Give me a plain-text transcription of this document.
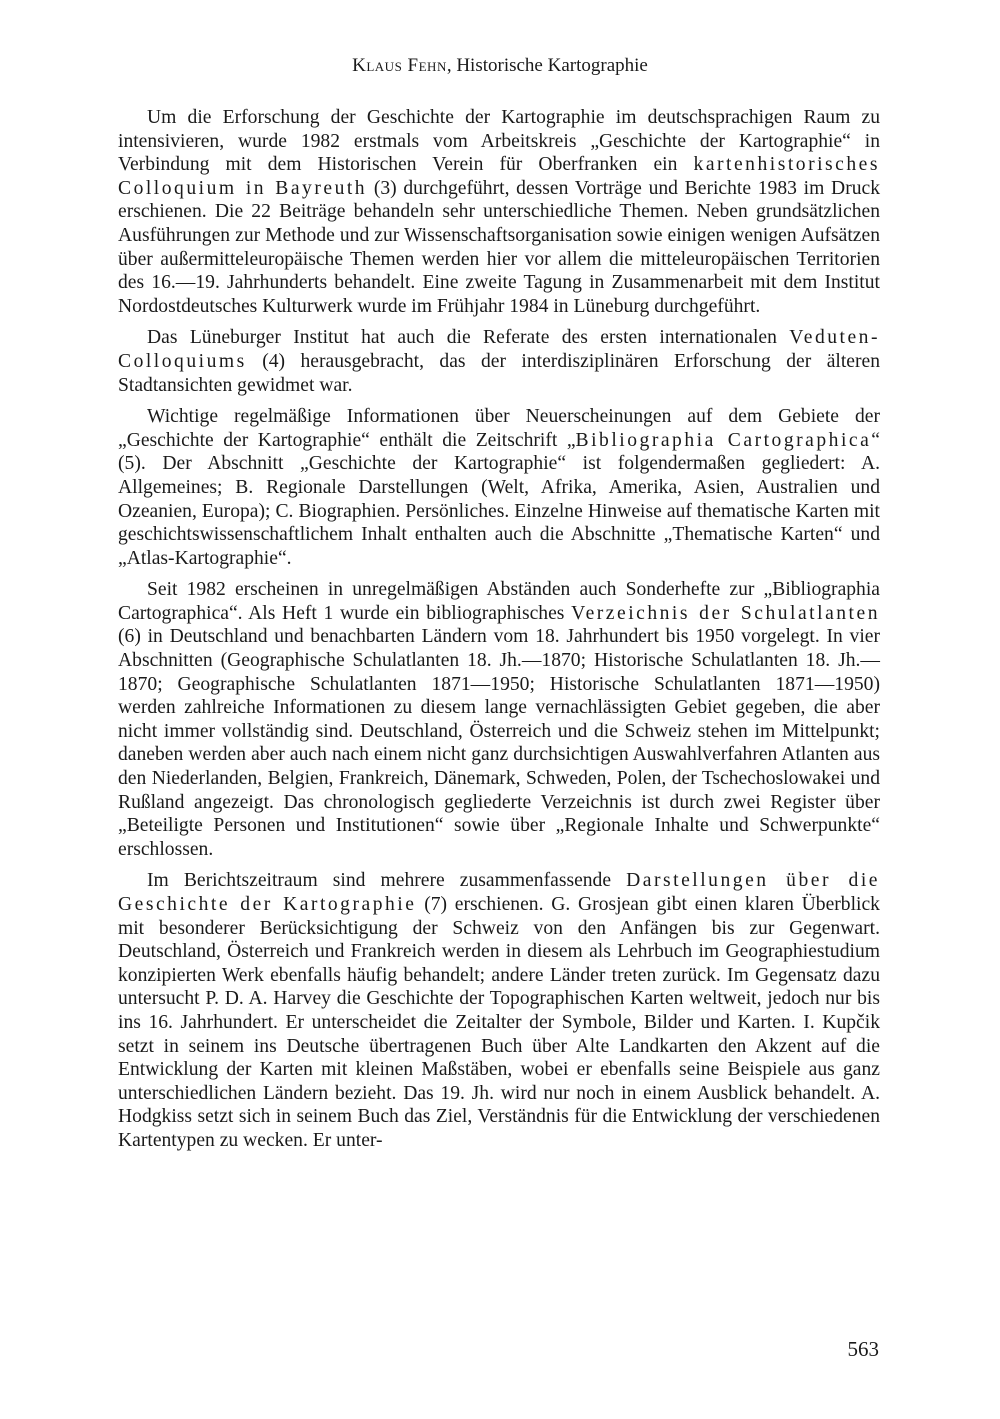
Klaus Fehn, Historische Kartographie

Um die Erforschung der Geschichte der Kartographie im deutschsprachigen Raum zu intensivieren, wurde 1982 erstmals vom Arbeitskreis „Geschichte der Kartographie“ in Verbindung mit dem Historischen Verein für Oberfranken ein kartenhistorisches Colloquium in Bayreuth (3) durchgeführt, dessen Vorträge und Berichte 1983 im Druck erschienen. Die 22 Beiträge behandeln sehr unterschiedliche Themen. Neben grundsätzlichen Ausführungen zur Methode und zur Wissenschaftsorganisation sowie einigen wenigen Aufsätzen über außermitteleuropäische Themen werden hier vor allem die mitteleuropäischen Territorien des 16.—19. Jahrhunderts behandelt. Eine zweite Tagung in Zusammenarbeit mit dem Institut Nordostdeutsches Kulturwerk wurde im Frühjahr 1984 in Lüneburg durchgeführt.

Das Lüneburger Institut hat auch die Referate des ersten internationalen Veduten-Colloquiums (4) herausgebracht, das der interdisziplinären Erforschung der älteren Stadtansichten gewidmet war.

Wichtige regelmäßige Informationen über Neuerscheinungen auf dem Gebiete der „Geschichte der Kartographie“ enthält die Zeitschrift „Bibliographia Cartographica“ (5). Der Abschnitt „Geschichte der Kartographie“ ist folgendermaßen gegliedert: A. Allgemeines; B. Regionale Darstellungen (Welt, Afrika, Amerika, Asien, Australien und Ozeanien, Europa); C. Biographien. Persönliches. Einzelne Hinweise auf thematische Karten mit geschichtswissenschaftlichem Inhalt enthalten auch die Abschnitte „Thematische Karten“ und „Atlas-Kartographie“.

Seit 1982 erscheinen in unregelmäßigen Abständen auch Sonderhefte zur „Bibliographia Cartographica“. Als Heft 1 wurde ein bibliographisches Verzeichnis der Schulatlanten (6) in Deutschland und benachbarten Ländern vom 18. Jahrhundert bis 1950 vorgelegt. In vier Abschnitten (Geographische Schulatlanten 18. Jh.—1870; Historische Schulatlanten 18. Jh.—1870; Geographische Schulatlanten 1871—1950; Historische Schulatlanten 1871—1950) werden zahlreiche Informationen zu diesem lange vernachlässigten Gebiet gegeben, die aber nicht immer vollständig sind. Deutschland, Österreich und die Schweiz stehen im Mittelpunkt; daneben werden aber auch nach einem nicht ganz durchsichtigen Auswahlverfahren Atlanten aus den Niederlanden, Belgien, Frankreich, Dänemark, Schweden, Polen, der Tschechoslowakei und Rußland angezeigt. Das chronologisch gegliederte Verzeichnis ist durch zwei Register über „Beteiligte Personen und Institutionen“ sowie über „Regionale Inhalte und Schwerpunkte“ erschlossen.

Im Berichtszeitraum sind mehrere zusammenfassende Darstellungen über die Geschichte der Kartographie (7) erschienen. G. Grosjean gibt einen klaren Überblick mit besonderer Berücksichtigung der Schweiz von den Anfängen bis zur Gegenwart. Deutschland, Österreich und Frankreich werden in diesem als Lehrbuch im Geographiestudium konzipierten Werk ebenfalls häufig behandelt; andere Länder treten zurück. Im Gegensatz dazu untersucht P. D. A. Harvey die Geschichte der Topographischen Karten weltweit, jedoch nur bis ins 16. Jahrhundert. Er unterscheidet die Zeitalter der Symbole, Bilder und Karten. I. Kupčik setzt in seinem ins Deutsche übertragenen Buch über Alte Landkarten den Akzent auf die Entwicklung der Karten mit kleinen Maßstäben, wobei er ebenfalls seine Beispiele aus ganz unterschiedlichen Ländern bezieht. Das 19. Jh. wird nur noch in einem Ausblick behandelt. A. Hodgkiss setzt sich in seinem Buch das Ziel, Verständnis für die Entwicklung der verschiedenen Kartentypen zu wecken. Er unter-

563
